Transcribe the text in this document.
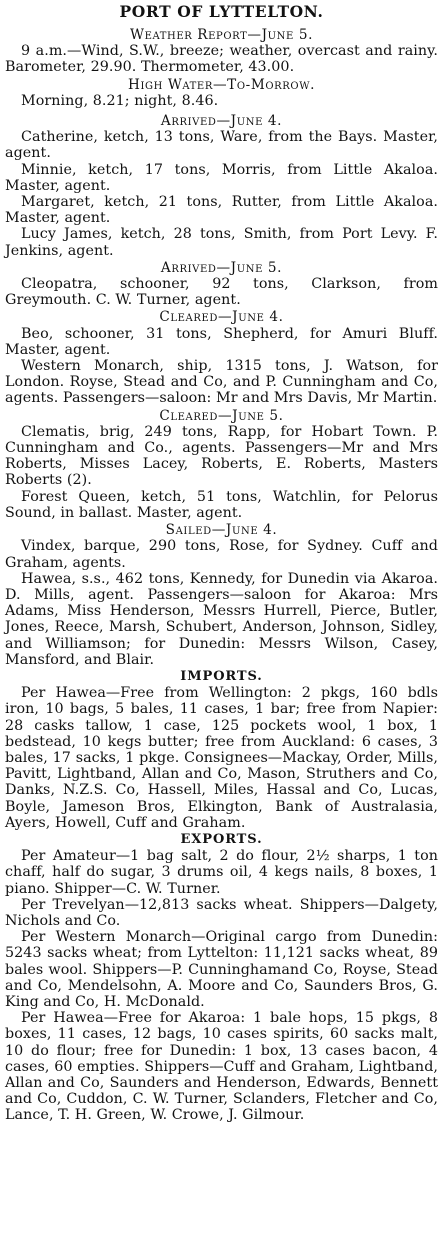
PORT OF LYTTELTON.
Weather Report—June 5.

9 a.m.—Wind, S.W., breeze; weather, overcast and rainy. Barometer, 29.90. Thermometer, 43.00.

High Water—To-Morrow.

Morning, 8.21; night, 8.46.

Arrived—June 4.

Catherine, ketch, 13 tons, Ware, from the Bays. Master, agent.

Minnie, ketch, 17 tons, Morris, from Little Akaloa. Master, agent.

Margaret, ketch, 21 tons, Rutter, from Little Akaloa. Master, agent.

Lucy James, ketch, 28 tons, Smith, from Port Levy. F. Jenkins, agent.

Arrived—June 5.

Cleopatra, schooner, 92 tons, Clarkson, from Greymouth. C. W. Turner, agent.

Cleared—June 4.

Beo, schooner, 31 tons, Shepherd, for Amuri Bluff. Master, agent.

Western Monarch, ship, 1315 tons, J. Watson, for London. Royse, Stead and Co, and P. Cunningham and Co, agents. Passengers—saloon: Mr and Mrs Davis, Mr Martin.

Cleared—June 5.

Clematis, brig, 249 tons, Rapp, for Hobart Town. P. Cunningham and Co., agents. Passengers—Mr and Mrs Roberts, Misses Lacey, Roberts, E. Roberts, Masters Roberts (2).

Forest Queen, ketch, 51 tons, Watchlin, for Pelorus Sound, in ballast. Master, agent.

Sailed—June 4.

Vindex, barque, 290 tons, Rose, for Sydney. Cuff and Graham, agents.

Hawea, s.s., 462 tons, Kennedy, for Dunedin via Akaroa. D. Mills, agent. Passengers—saloon for Akaroa: Mrs Adams, Miss Henderson, Messrs Hurrell, Pierce, Butler, Jones, Reece, Marsh, Schubert, Anderson, Johnson, Sidley, and Williamson; for Dunedin: Messrs Wilson, Casey, Mansford, and Blair.

IMPORTS.

Per Hawea—Free from Wellington: 2 pkgs, 160 bdls iron, 10 bags, 5 bales, 11 cases, 1 bar; free from Napier: 28 casks tallow, 1 case, 125 pockets wool, 1 box, 1 bedstead, 10 kegs butter; free from Auckland: 6 cases, 3 bales, 17 sacks, 1 pkge. Consignees—Mackay, Order, Mills, Pavitt, Lightband, Allan and Co, Mason, Struthers and Co, Danks, N.Z.S. Co, Hassell, Miles, Hassal and Co, Lucas, Boyle, Jameson Bros, Elkington, Bank of Australasia, Ayers, Howell, Cuff and Graham.

EXPORTS.

Per Amateur—1 bag salt, 2 do flour, 2½ sharps, 1 ton chaff, half do sugar, 3 drums oil, 4 kegs nails, 8 boxes, 1 piano. Shipper—C. W. Turner.

Per Trevelyan—12,813 sacks wheat. Shippers—Dalgety, Nichols and Co.

Per Western Monarch—Original cargo from Dunedin: 5243 sacks wheat; from Lyttelton: 11,121 sacks wheat, 89 bales wool. Shippers—P. Cunninghamand Co, Royse, Stead and Co, Mendelsohn, A. Moore and Co, Saunders Bros, G. King and Co, H. McDonald.

Per Hawea—Free for Akaroa: 1 bale hops, 15 pkgs, 8 boxes, 11 cases, 12 bags, 10 cases spirits, 60 sacks malt, 10 do flour; free for Dunedin: 1 box, 13 cases bacon, 4 cases, 60 empties. Shippers—Cuff and Graham, Lightband, Allan and Co, Saunders and Henderson, Edwards, Bennett and Co, Cuddon, C. W. Turner, Sclanders, Fletcher and Co, Lance, T. H. Green, W. Crowe, J. Gilmour.
